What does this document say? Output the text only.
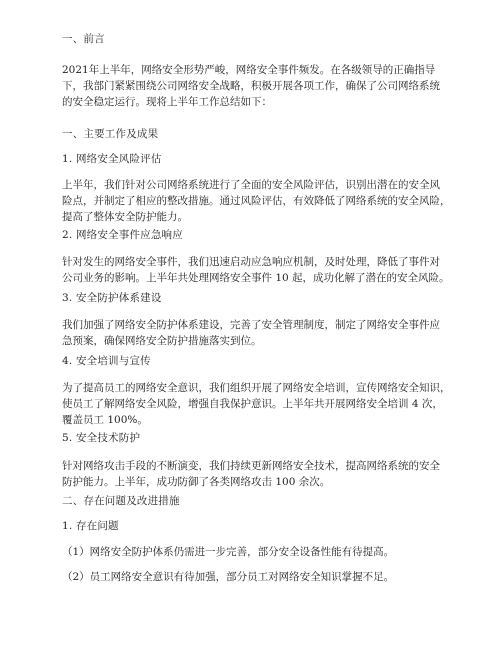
一、前言

2021年上半年，网络安全形势严峻，网络安全事件频发。在各级领导的正确指导
下，我部门紧紧围绕公司网络安全战略，积极开展各项工作，确保了公司网络系统
的安全稳定运行。现将上半年工作总结如下：

一、主要工作及成果

1. 网络安全风险评估

上半年，我们针对公司网络系统进行了全面的安全风险评估，识别出潜在的安全风
险点，并制定了相应的整改措施。通过风险评估，有效降低了网络系统的安全风险，
提高了整体安全防护能力。

2. 网络安全事件应急响应

针对发生的网络安全事件，我们迅速启动应急响应机制，及时处理，降低了事件对
公司业务的影响。上半年共处理网络安全事件 10 起，成功化解了潜在的安全风险。

3. 安全防护体系建设

我们加强了网络安全防护体系建设，完善了安全管理制度，制定了网络安全事件应
急预案，确保网络安全防护措施落实到位。

4. 安全培训与宣传

为了提高员工的网络安全意识，我们组织开展了网络安全培训，宣传网络安全知识，
使员工了解网络安全风险，增强自我保护意识。上半年共开展网络安全培训 4 次，
覆盖员工 100%。

5. 安全技术防护

针对网络攻击手段的不断演变，我们持续更新网络安全技术，提高网络系统的安全
防护能力。上半年，成功防御了各类网络攻击 100 余次。

二、存在问题及改进措施

1. 存在问题

（1）网络安全防护体系仍需进一步完善，部分安全设备性能有待提高。

（2）员工网络安全意识有待加强，部分员工对网络安全知识掌握不足。
